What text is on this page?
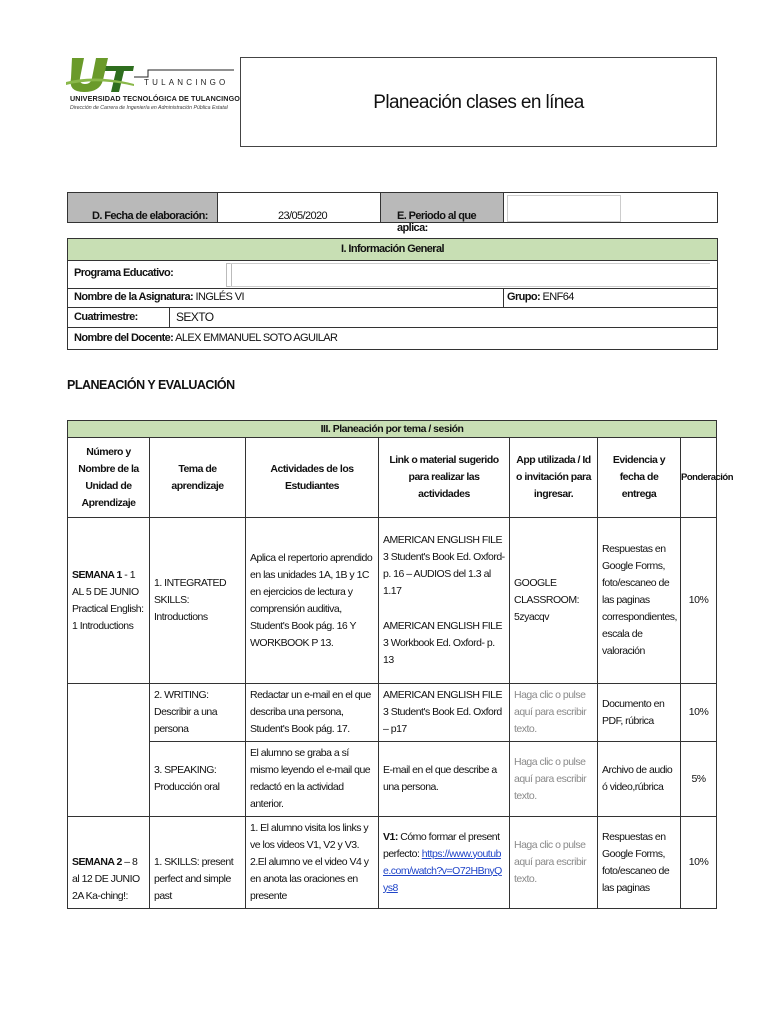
TULANCINGO
UNIVERSIDAD TECNOLÓGICA DE TULANCINGO
Dirección de Carrera de Ingeniería en Administración Pública Estatal	Planeación clases en línea
D. Fecha de elaboración:	23/05/2020	E. Periodo al que aplica:
I. Información General
Programa Educativo:
Nombre de la Asignatura: INGLÉS VI	Grupo: ENF64
Cuatrimestre:	SEXTO
Nombre del Docente: ALEX EMMANUEL SOTO AGUILAR
PLANEACIÓN Y EVALUACIÓN
III. Planeación por tema / sesión						
Número y Nombre de la Unidad de Aprendizaje	Tema de aprendizaje	Actividades de los Estudiantes	Link o material sugerido para realizar las actividades	App utilizada / Id o invitación para ingresar.	Evidencia y fecha de entrega	Ponderación
SEMANA 1 - 1 AL 5 DE JUNIO Practical English: 1 Introductions	1. INTEGRATED SKILLS: Introductions	Aplica el repertorio aprendido en las unidades 1A, 1B y 1C en ejercicios de lectura y comprensión auditiva, Student's Book pág. 16 Y WORKBOOK P 13.	AMERICAN ENGLISH FILE 3 Student's Book Ed. Oxford- p. 16 – AUDIOS del 1.3 al 1.17
AMERICAN ENGLISH FILE 3 Workbook Ed. Oxford- p. 13	GOOGLE CLASSROOM: 5zyacqv	Respuestas en Google Forms, foto/escaneo de las paginas correspondientes, escala de valoración	10%
	2. WRITING: Describir a una persona	Redactar un e-mail en el que describa una persona, Student's Book pág. 17.	AMERICAN ENGLISH FILE 3 Student's Book Ed. Oxford – p17	Haga clic o pulse aquí para escribir texto.	Documento en PDF, rúbrica	10%
	3. SPEAKING: Producción oral	El alumno se graba a sí mismo leyendo el e-mail que redactó en la actividad anterior.	E-mail en el que describe a una persona.	Haga clic o pulse aquí para escribir texto.	Archivo de audio ó video,rúbrica	5%
SEMANA 2 – 8 al 12 DE JUNIO 2A Ka-ching!:	1. SKILLS: present perfect and simple past	1. El alumno visita los links y ve los videos V1, V2 y V3. 2.El alumno ve el video V4 y en anota las oraciones en presente	V1: Cómo formar el present perfecto: https://www.youtube.com/watch?v=O72HBnyQys8	Haga clic o pulse aquí para escribir texto.	Respuestas en Google Forms, foto/escaneo de las paginas	10%
